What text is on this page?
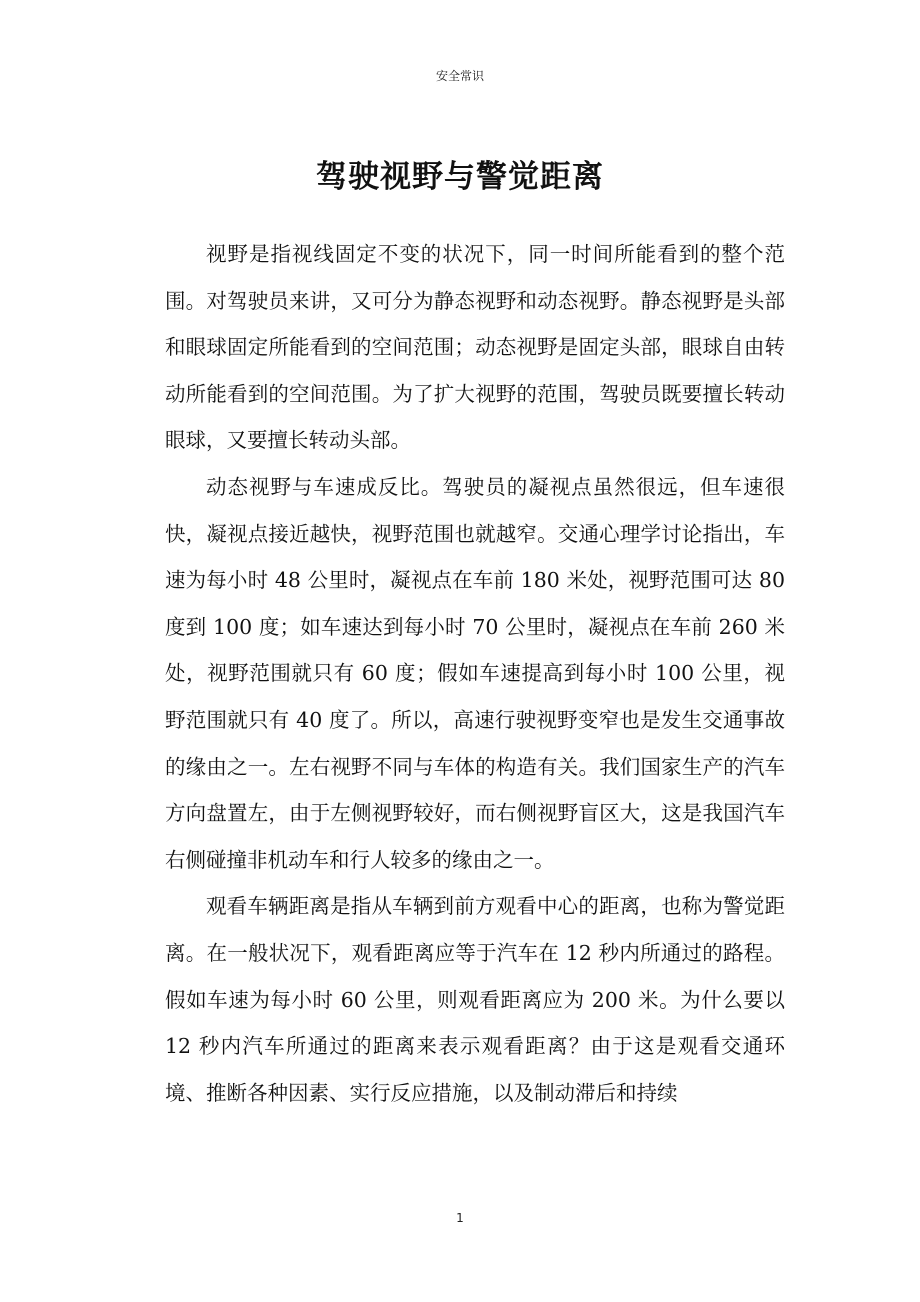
安全常识
驾驶视野与警觉距离

视野是指视线固定不变的状况下，同一时间所能看到的整个范围。对驾驶员来讲，又可分为静态视野和动态视野。静态视野是头部和眼球固定所能看到的空间范围；动态视野是固定头部，眼球自由转动所能看到的空间范围。为了扩大视野的范围，驾驶员既要擅长转动眼球，又要擅长转动头部。

动态视野与车速成反比。驾驶员的凝视点虽然很远，但车速很快，凝视点接近越快，视野范围也就越窄。交通心理学讨论指出，车速为每小时 48 公里时，凝视点在车前 180 米处，视野范围可达 80 度到 100 度；如车速达到每小时 70 公里时，凝视点在车前 260 米处，视野范围就只有 60 度；假如车速提高到每小时 100 公里，视野范围就只有 40 度了。所以，高速行驶视野变窄也是发生交通事故的缘由之一。左右视野不同与车体的构造有关。我们国家生产的汽车方向盘置左，由于左侧视野较好，而右侧视野盲区大，这是我国汽车右侧碰撞非机动车和行人较多的缘由之一。

观看车辆距离是指从车辆到前方观看中心的距离，也称为警觉距离。在一般状况下，观看距离应等于汽车在 12 秒内所通过的路程。假如车速为每小时 60 公里，则观看距离应为 200 米。为什么要以 12 秒内汽车所通过的距离来表示观看距离？由于这是观看交通环境、推断各种因素、实行反应措施，以及制动滞后和持续

1
